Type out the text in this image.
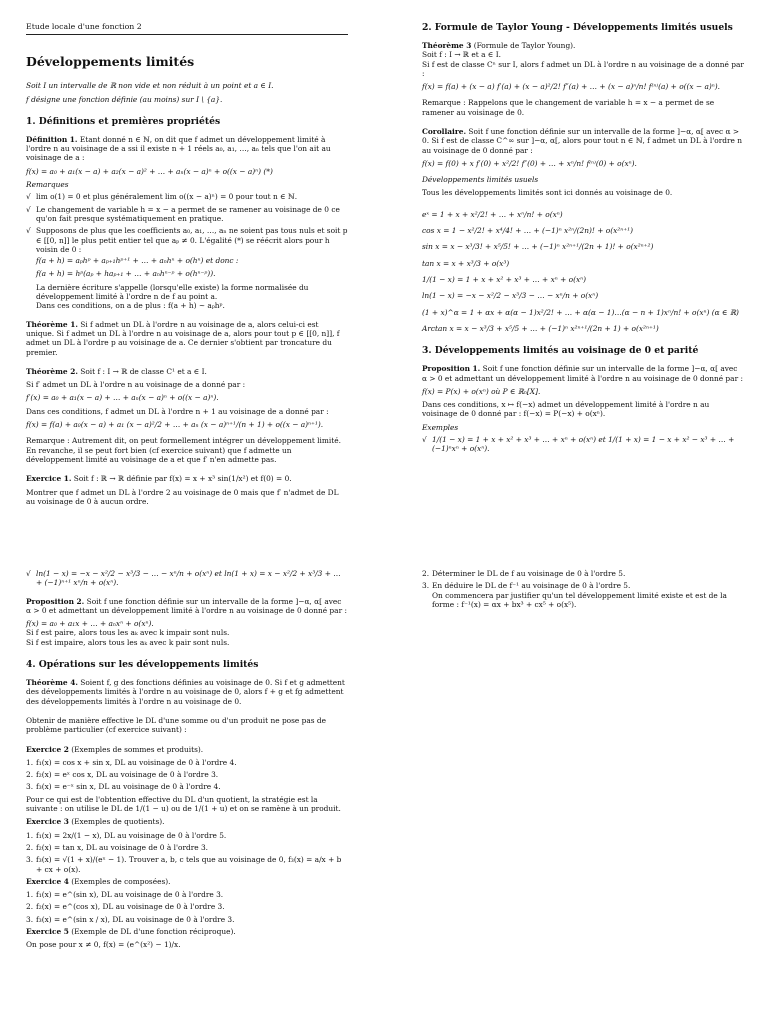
Etude locale d'une fonction 2
Développements limités

Soit I un intervalle de ℝ non vide et non réduit à un point et a ∈ I.

f désigne une fonction définie (au moins) sur I \ {a}.

1. Définitions et premières propriétés

Définition 1. Etant donné n ∈ ℕ, on dit que f admet un développement limité à l'ordre n au voisinage de a ssi il existe n + 1 réels a₀, a₁, …, aₙ tels que l'on ait au voisinage de a :

f(x) = a₀ + a₁(x − a) + a₂(x − a)² + … + aₙ(x − a)ⁿ + o((x − a)ⁿ) (*)
Remarques
√ lim o(1) = 0 et plus généralement lim o((x − a)ⁿ) = 0 pour tout n ∈ ℕ.
√ Le changement de variable h = x − a permet de se ramener au voisinage de 0 ce qu'on fait presque systématiquement en pratique.
√ Supposons de plus que les coefficients a₀, a₁, …, aₙ ne soient pas tous nuls et soit p ∈ [[0, n]] le plus petit entier tel que aₚ ≠ 0. L'égalité (*) se réécrit alors pour h voisin de 0 :
f(a + h) = aₚhᵖ + aₚ₊₁hᵖ⁺¹ + … + aₙhⁿ + o(hⁿ) et donc :
f(a + h) = hᵖ(aₚ + haₚ₊₁ + … + aₙhⁿ⁻ᵖ + o(hⁿ⁻ᵖ)).
La dernière écriture s'appelle (lorsqu'elle existe) la forme normalisée du développement limité à l'ordre n de f au point a.
Dans ces conditions, on a de plus : f(a + h) ~ aₚhᵖ.

Théorème 1. Si f admet un DL à l'ordre n au voisinage de a, alors celui-ci est unique. Si f admet un DL à l'ordre n au voisinage de a, alors pour tout p ∈ [[0, n]], f admet un DL à l'ordre p au voisinage de a. Ce dernier s'obtient par troncature du premier.

Théorème 2. Soit f : I → ℝ de classe C¹ et a ∈ I.

Si f′ admet un DL à l'ordre n au voisinage de a donné par :

f′(x) = a₀ + a₁(x − a) + … + aₙ(x − a)ⁿ + o((x − a)ⁿ).

Dans ces conditions, f admet un DL à l'ordre n + 1 au voisinage de a donné par :

f(x) = f(a) + a₀(x − a) + a₁ (x − a)²/2 + … + aₙ (x − a)ⁿ⁺¹/(n + 1) + o((x − a)ⁿ⁺¹).

Remarque : Autrement dit, on peut formellement intégrer un développement limité. En revanche, il se peut fort bien (cf exercice suivant) que f admette un développement limité au voisinage de a et que f′ n'en admette pas.

Exercice 1. Soit f : ℝ → ℝ définie par f(x) = x + x³ sin(1/x²) et f(0) = 0.

Montrer que f admet un DL à l'ordre 2 au voisinage de 0 mais que f′ n'admet de DL au voisinage de 0 à aucun ordre.

2. Formule de Taylor Young - Développements limités usuels

Théorème 3 (Formule de Taylor Young).

Soit f : I → ℝ et a ∈ I.

Si f est de classe Cⁿ sur I, alors f admet un DL à l'ordre n au voisinage de a donné par :

f(x) = f(a) + (x − a) f′(a) + (x − a)²/2! f″(a) + … + (x − a)ⁿ/n! f⁽ⁿ⁾(a) + o((x − a)ⁿ).

Remarque : Rappelons que le changement de variable h = x − a permet de se ramener au voisinage de 0.

Corollaire. Soit f une fonction définie sur un intervalle de la forme ]−α, α[ avec α > 0. Si f est de classe C^∞ sur ]−α, α[, alors pour tout n ∈ ℕ, f admet un DL à l'ordre n au voisinage de 0 donné par :

f(x) = f(0) + x f′(0) + x²/2! f″(0) + … + xⁿ/n! f⁽ⁿ⁾(0) + o(xⁿ).
Développements limités usuels

Tous les développements limités sont ici donnés au voisinage de 0.

eˣ = 1 + x + x²/2! + … + xⁿ/n! + o(xⁿ)
cos x = 1 − x²/2! + x⁴/4! + … + (−1)ⁿ x²ⁿ/(2n)! + o(x²ⁿ⁺¹)
sin x = x − x³/3! + x⁵/5! + … + (−1)ⁿ x²ⁿ⁺¹/(2n + 1)! + o(x²ⁿ⁺²)
tan x = x + x³/3 + o(x³)
1/(1 − x) = 1 + x + x² + x³ + … + xⁿ + o(xⁿ)
ln(1 − x) = −x − x²/2 − x³/3 − … − xⁿ/n + o(xⁿ)
(1 + x)^α = 1 + αx + α(α − 1)x²/2! + … + α(α − 1)…(α − n + 1)xⁿ/n! + o(xⁿ) (α ∈ ℝ)
Arctan x = x − x³/3 + x⁵/5 + … + (−1)ⁿ x²ⁿ⁺¹/(2n + 1) + o(x²ⁿ⁺¹)
3. Développements limités au voisinage de 0 et parité

Proposition 1. Soit f une fonction définie sur un intervalle de la forme ]−α, α[ avec α > 0 et admettant un développement limité à l'ordre n au voisinage de 0 donné par :

f(x) = P(x) + o(xⁿ) où P ∈ ℝₙ[X].

Dans ces conditions, x ↦ f(−x) admet un développement limité à l'ordre n au voisinage de 0 donné par : f(−x) = P(−x) + o(xⁿ).

Exemples
√ 1/(1 − x) = 1 + x + x² + x³ + … + xⁿ + o(xⁿ) et 1/(1 + x) = 1 − x + x² − x³ + … + (−1)ⁿxⁿ + o(xⁿ).
√ ln(1 − x) = −x − x²/2 − x³/3 − … − xⁿ/n + o(xⁿ) et ln(1 + x) = x − x²/2 + x³/3 + … + (−1)ⁿ⁺¹ xⁿ/n + o(xⁿ).

Proposition 2. Soit f une fonction définie sur un intervalle de la forme ]−α, α[ avec α > 0 et admettant un développement limité à l'ordre n au voisinage de 0 donné par :

f(x) = a₀ + a₁x + … + aₙxⁿ + o(xⁿ).

Si f est paire, alors tous les aₖ avec k impair sont nuls.

Si f est impaire, alors tous les aₖ avec k pair sont nuls.

4. Opérations sur les développements limités

Théorème 4. Soient f, g des fonctions définies au voisinage de 0. Si f et g admettent des développements limités à l'ordre n au voisinage de 0, alors f + g et fg admettent des développements limités à l'ordre n au voisinage de 0.

Obtenir de manière effective le DL d'une somme ou d'un produit ne pose pas de problème particulier (cf exercice suivant) :

Exercice 2 (Exemples de sommes et produits).

1. f₁(x) = cos x + sin x, DL au voisinage de 0 à l'ordre 4.
2. f₂(x) = eˣ cos x, DL au voisinage de 0 à l'ordre 3.
3. f₃(x) = e⁻ˣ sin x, DL au voisinage de 0 à l'ordre 4.

Pour ce qui est de l'obtention effective du DL d'un quotient, la stratégie est la suivante : on utilise le DL de 1/(1 − u) ou de 1/(1 + u) et on se ramène à un produit.

Exercice 3 (Exemples de quotients).

1. f₁(x) = 2x/(1 − x), DL au voisinage de 0 à l'ordre 5.
2. f₂(x) = tan x, DL au voisinage de 0 à l'ordre 3.
3. f₃(x) = √(1 + x)/(eˣ − 1). Trouver a, b, c tels que au voisinage de 0, f₃(x) = a/x + b + cx + o(x).

Exercice 4 (Exemples de composées).

1. f₁(x) = e^(sin x), DL au voisinage de 0 à l'ordre 3.
2. f₂(x) = e^(cos x), DL au voisinage de 0 à l'ordre 3.
3. f₃(x) = e^(sin x / x), DL au voisinage de 0 à l'ordre 3.

Exercice 5 (Exemple de DL d'une fonction réciproque).

On pose pour x ≠ 0, f(x) = (e^(x²) − 1)/x.

2. Déterminer le DL de f au voisinage de 0 à l'ordre 5.
3. En déduire le DL de f⁻¹ au voisinage de 0 à l'ordre 5.
On commencera par justifier qu'un tel développement limité existe et est de la forme : f⁻¹(x) = αx + bx³ + cx⁵ + o(x⁵).
